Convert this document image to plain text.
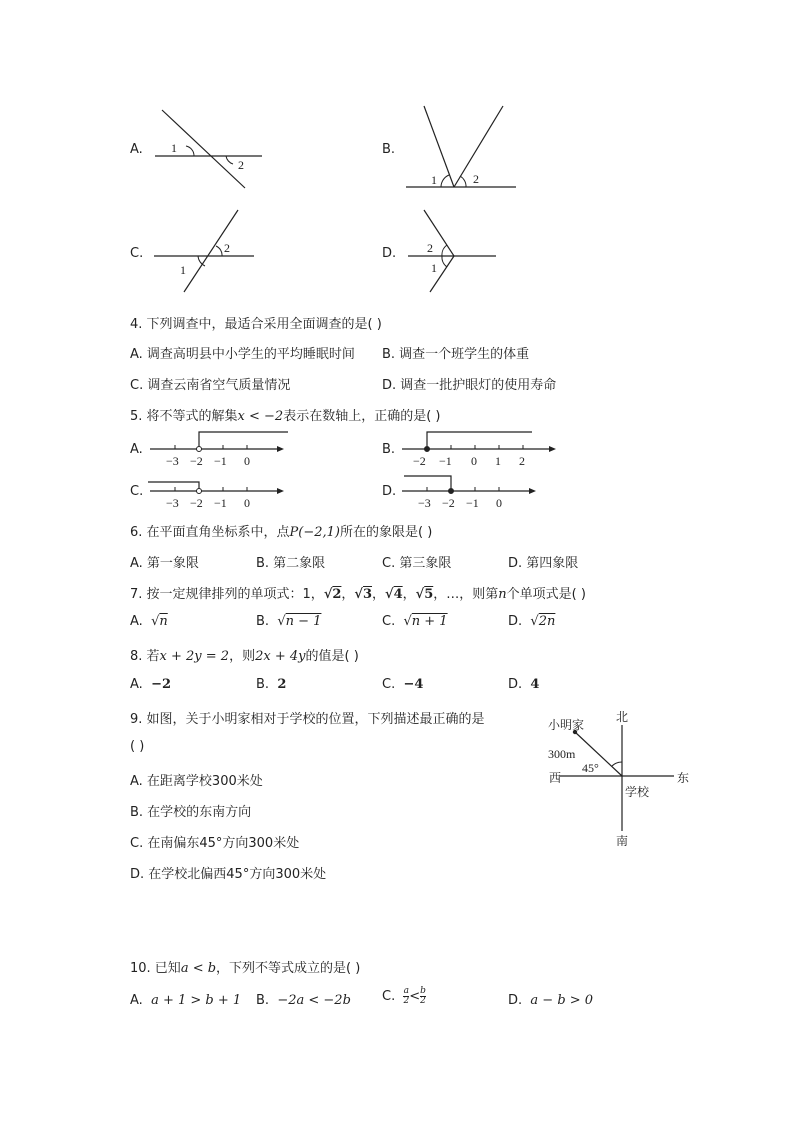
A. 1
2
B.
1	2
C.
1
2	D.	2
1
4. 下列调查中，最适合采用全面调查的是( )
A. 调查高明县中小学生的平均睡眠时间 B. 调查一个班学生的体重
C. 调查云南省空气质量情况	D. 调查一批护眼灯的使用寿命
5. 将不等式的解集x < −2表示在数轴上，正确的是( )
A.
−3 −2 −1 0
B.
−2 −1 0 1 2
C.
−3 −2 −1 0
D.
−3 −2 −1 0
6. 在平面直角坐标系中，点P(−2,1)所在的象限是( )
A. 第一象限	B. 第二象限	C. 第三象限	D. 第四象限
7. 按一定规律排列的单项式：1，√2，√3，√4，√5，…，则第n个单项式是( )
A. √n	B. √n − 1	C. √n + 1	D. √2n
8. 若x + 2y = 2，则2x + 4y的值是( )
A. −2	B. 2	C. −4	D. 4
9. 如图，关于小明家相对于学校的位置，下列描述最正确的是
( )
A. 在距离学校300米处
B. 在学校的东南方向
C. 在南偏东45°方向300米处
D. 在学校北偏西45°方向300米处
小明家
北
南
东
西
学校
300m
45°
10. 已知a < b，下列不等式成立的是( )
A. a + 1 > b + 1 B. −2a < −2b C. $\frac{a}{2} < \frac{b}{2}$	D. a − b > 0
